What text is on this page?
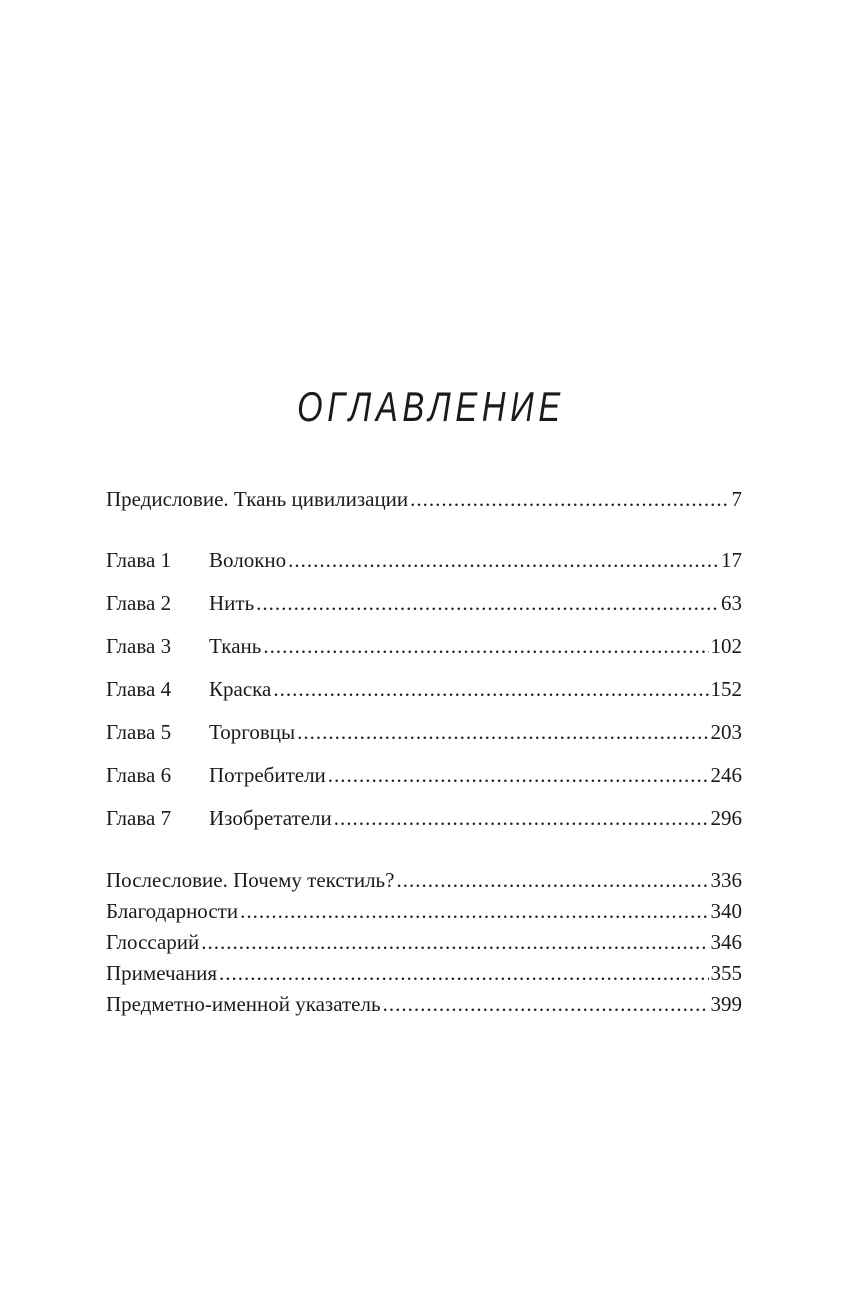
ОГЛАВЛЕНИЕ
Предисловие. Ткань цивилизации .....	7
Глава 1	Волокно .....	17
Глава 2	Нить .....	63
Глава 3	Ткань .....	102
Глава 4	Краска .....	152
Глава 5	Торговцы .....	203
Глава 6	Потребители .....	246
Глава 7	Изобретатели .....	296
Послесловие. Почему текстиль? .....	336
Благодарности .....	340
Глоссарий .....	346
Примечания .....	355
Предметно-именной указатель .....	399
